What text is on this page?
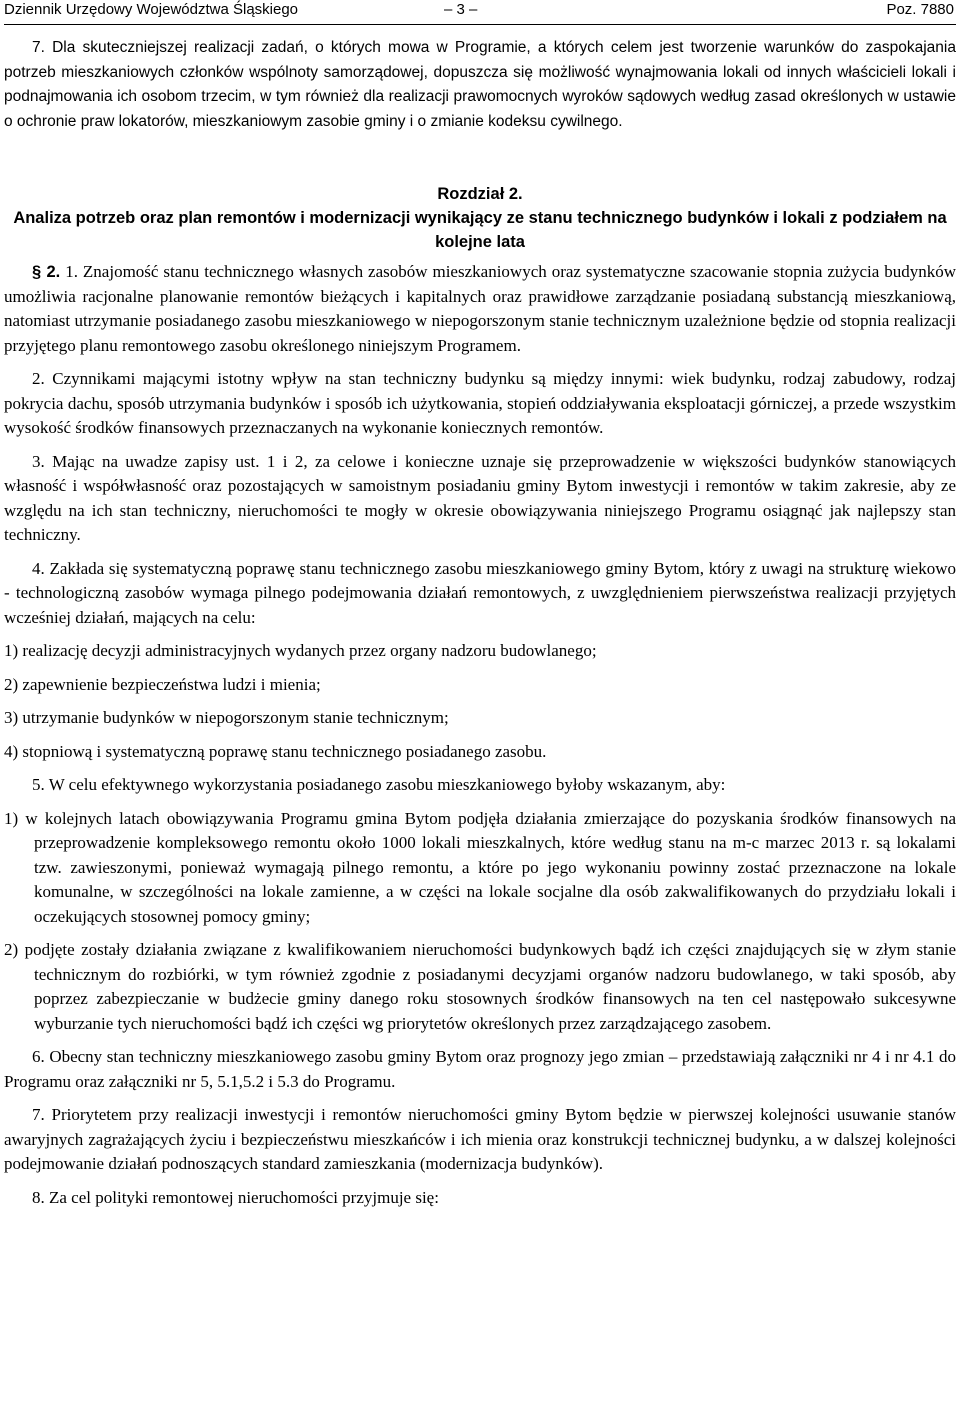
Dziennik Urzędowy Województwa Śląskiego	– 3 –	Poz. 7880

7. Dla skuteczniejszej realizacji zadań, o których mowa w Programie, a których celem jest tworzenie warunków do zaspokajania potrzeb mieszkaniowych członków wspólnoty samorządowej, dopuszcza się możliwość wynajmowania lokali od innych właścicieli lokali i podnajmowania ich osobom trzecim, w tym również dla realizacji prawomocnych wyroków sądowych według zasad określonych w ustawie o ochronie praw lokatorów, mieszkaniowym zasobie gminy i o zmianie kodeksu cywilnego.

Rozdział 2.

Analiza potrzeb oraz plan remontów i modernizacji wynikający ze stanu technicznego budynków i lokali z podziałem na kolejne lata

§ 2. 1. Znajomość stanu technicznego własnych zasobów mieszkaniowych oraz systematyczne szacowanie stopnia zużycia budynków umożliwia racjonalne planowanie remontów bieżących i kapitalnych oraz prawidłowe zarządzanie posiadaną substancją mieszkaniową, natomiast utrzymanie posiadanego zasobu mieszkaniowego w niepogorszonym stanie technicznym uzależnione będzie od stopnia realizacji przyjętego planu remontowego zasobu określonego niniejszym Programem.

2. Czynnikami mającymi istotny wpływ na stan techniczny budynku są między innymi: wiek budynku, rodzaj zabudowy, rodzaj pokrycia dachu, sposób utrzymania budynków i sposób ich użytkowania, stopień oddziaływania eksploatacji górniczej, a przede wszystkim wysokość środków finansowych przeznaczanych na wykonanie koniecznych remontów.

3. Mając na uwadze zapisy ust. 1 i 2, za celowe i konieczne uznaje się przeprowadzenie w większości budynków stanowiących własność i współwłasność oraz pozostających w samoistnym posiadaniu gminy Bytom inwestycji i remontów w takim zakresie, aby ze względu na ich stan techniczny, nieruchomości te mogły w okresie obowiązywania niniejszego Programu osiągnąć jak najlepszy stan techniczny.

4. Zakłada się systematyczną poprawę stanu technicznego zasobu mieszkaniowego gminy Bytom, który z uwagi na strukturę wiekowo - technologiczną zasobów wymaga pilnego podejmowania działań remontowych, z uwzględnieniem pierwszeństwa realizacji przyjętych wcześniej działań, mających na celu:

1) realizację decyzji administracyjnych wydanych przez organy nadzoru budowlanego;

2) zapewnienie bezpieczeństwa ludzi i mienia;

3) utrzymanie budynków w niepogorszonym stanie technicznym;

4) stopniową i systematyczną poprawę stanu technicznego posiadanego zasobu.

5. W celu efektywnego wykorzystania posiadanego zasobu mieszkaniowego byłoby wskazanym, aby:

1) w kolejnych latach obowiązywania Programu gmina Bytom podjęła działania zmierzające do pozyskania środków finansowych na przeprowadzenie kompleksowego remontu około 1000 lokali mieszkalnych, które według stanu na m-c marzec 2013 r. są lokalami tzw. zawieszonymi, ponieważ wymagają pilnego remontu, a które po jego wykonaniu powinny zostać przeznaczone na lokale komunalne, w szczególności na lokale zamienne, a w części na lokale socjalne dla osób zakwalifikowanych do przydziału lokali i oczekujących stosownej pomocy gminy;

2) podjęte zostały działania związane z kwalifikowaniem nieruchomości budynkowych bądź ich części znajdujących się w złym stanie technicznym do rozbiórki, w tym również zgodnie z posiadanymi decyzjami organów nadzoru budowlanego, w taki sposób, aby poprzez zabezpieczanie w budżecie gminy danego roku stosownych środków finansowych na ten cel następowało sukcesywne wyburzanie tych nieruchomości bądź ich części wg priorytetów określonych przez zarządzającego zasobem.

6. Obecny stan techniczny mieszkaniowego zasobu gminy Bytom oraz prognozy jego zmian – przedstawiają załączniki nr 4 i nr 4.1 do Programu oraz załączniki nr 5, 5.1,5.2 i 5.3 do Programu.

7. Priorytetem przy realizacji inwestycji i remontów nieruchomości gminy Bytom będzie w pierwszej kolejności usuwanie stanów awaryjnych zagrażających życiu i bezpieczeństwu mieszkańców i ich mienia oraz konstrukcji technicznej budynku, a w dalszej kolejności podejmowanie działań podnoszących standard zamieszkania (modernizacja budynków).

8. Za cel polityki remontowej nieruchomości przyjmuje się:
